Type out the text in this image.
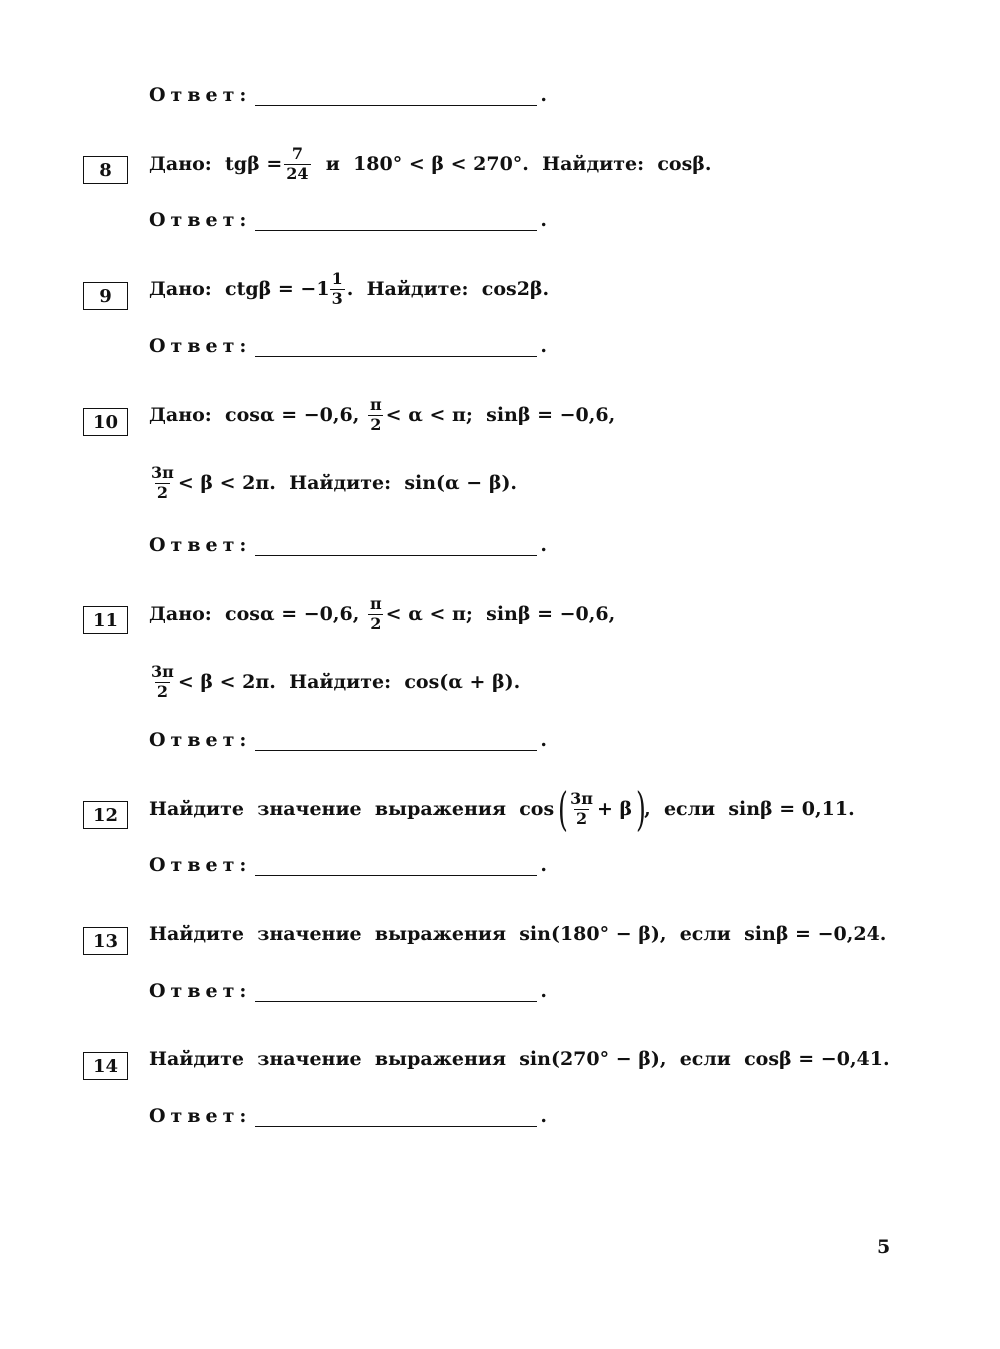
Ответ:	.
8	Дано:  $tg\beta = \frac{7}{24}$ и  180° < β < 270°.  Найдите:  cosβ.
Ответ:	.
9	Дано:  $ctg\beta = -1 \frac{1}{3}$ .  Найдите:  cos2β.
Ответ:	.
10	Дано:  cosα = −0,6, $\frac{\pi}{2} < \alpha < \pi$;  sinβ = −0,6,
$\frac{3\pi}{2} < \beta < 2\pi$.  Найдите:  sin(α − β).
Ответ:	.
11	Дано:  cosα = −0,6, $\frac{\pi}{2} < \alpha < \pi$;  sinβ = −0,6,
$\frac{3\pi}{2} < \beta < 2\pi$.  Найдите:  cos(α + β).
Ответ:	.
12	Найдите  значение  выражения  cos ( $\frac{3\pi}{2} + \beta$ )
,  если  sinβ = 0,11.
Ответ:	.
13	Найдите  значение  выражения  sin(180° − β),  если  sinβ = −0,24.
Ответ:	.
14	Найдите  значение  выражения  sin(270° − β),  если  cosβ = −0,41.
Ответ:	.
5
